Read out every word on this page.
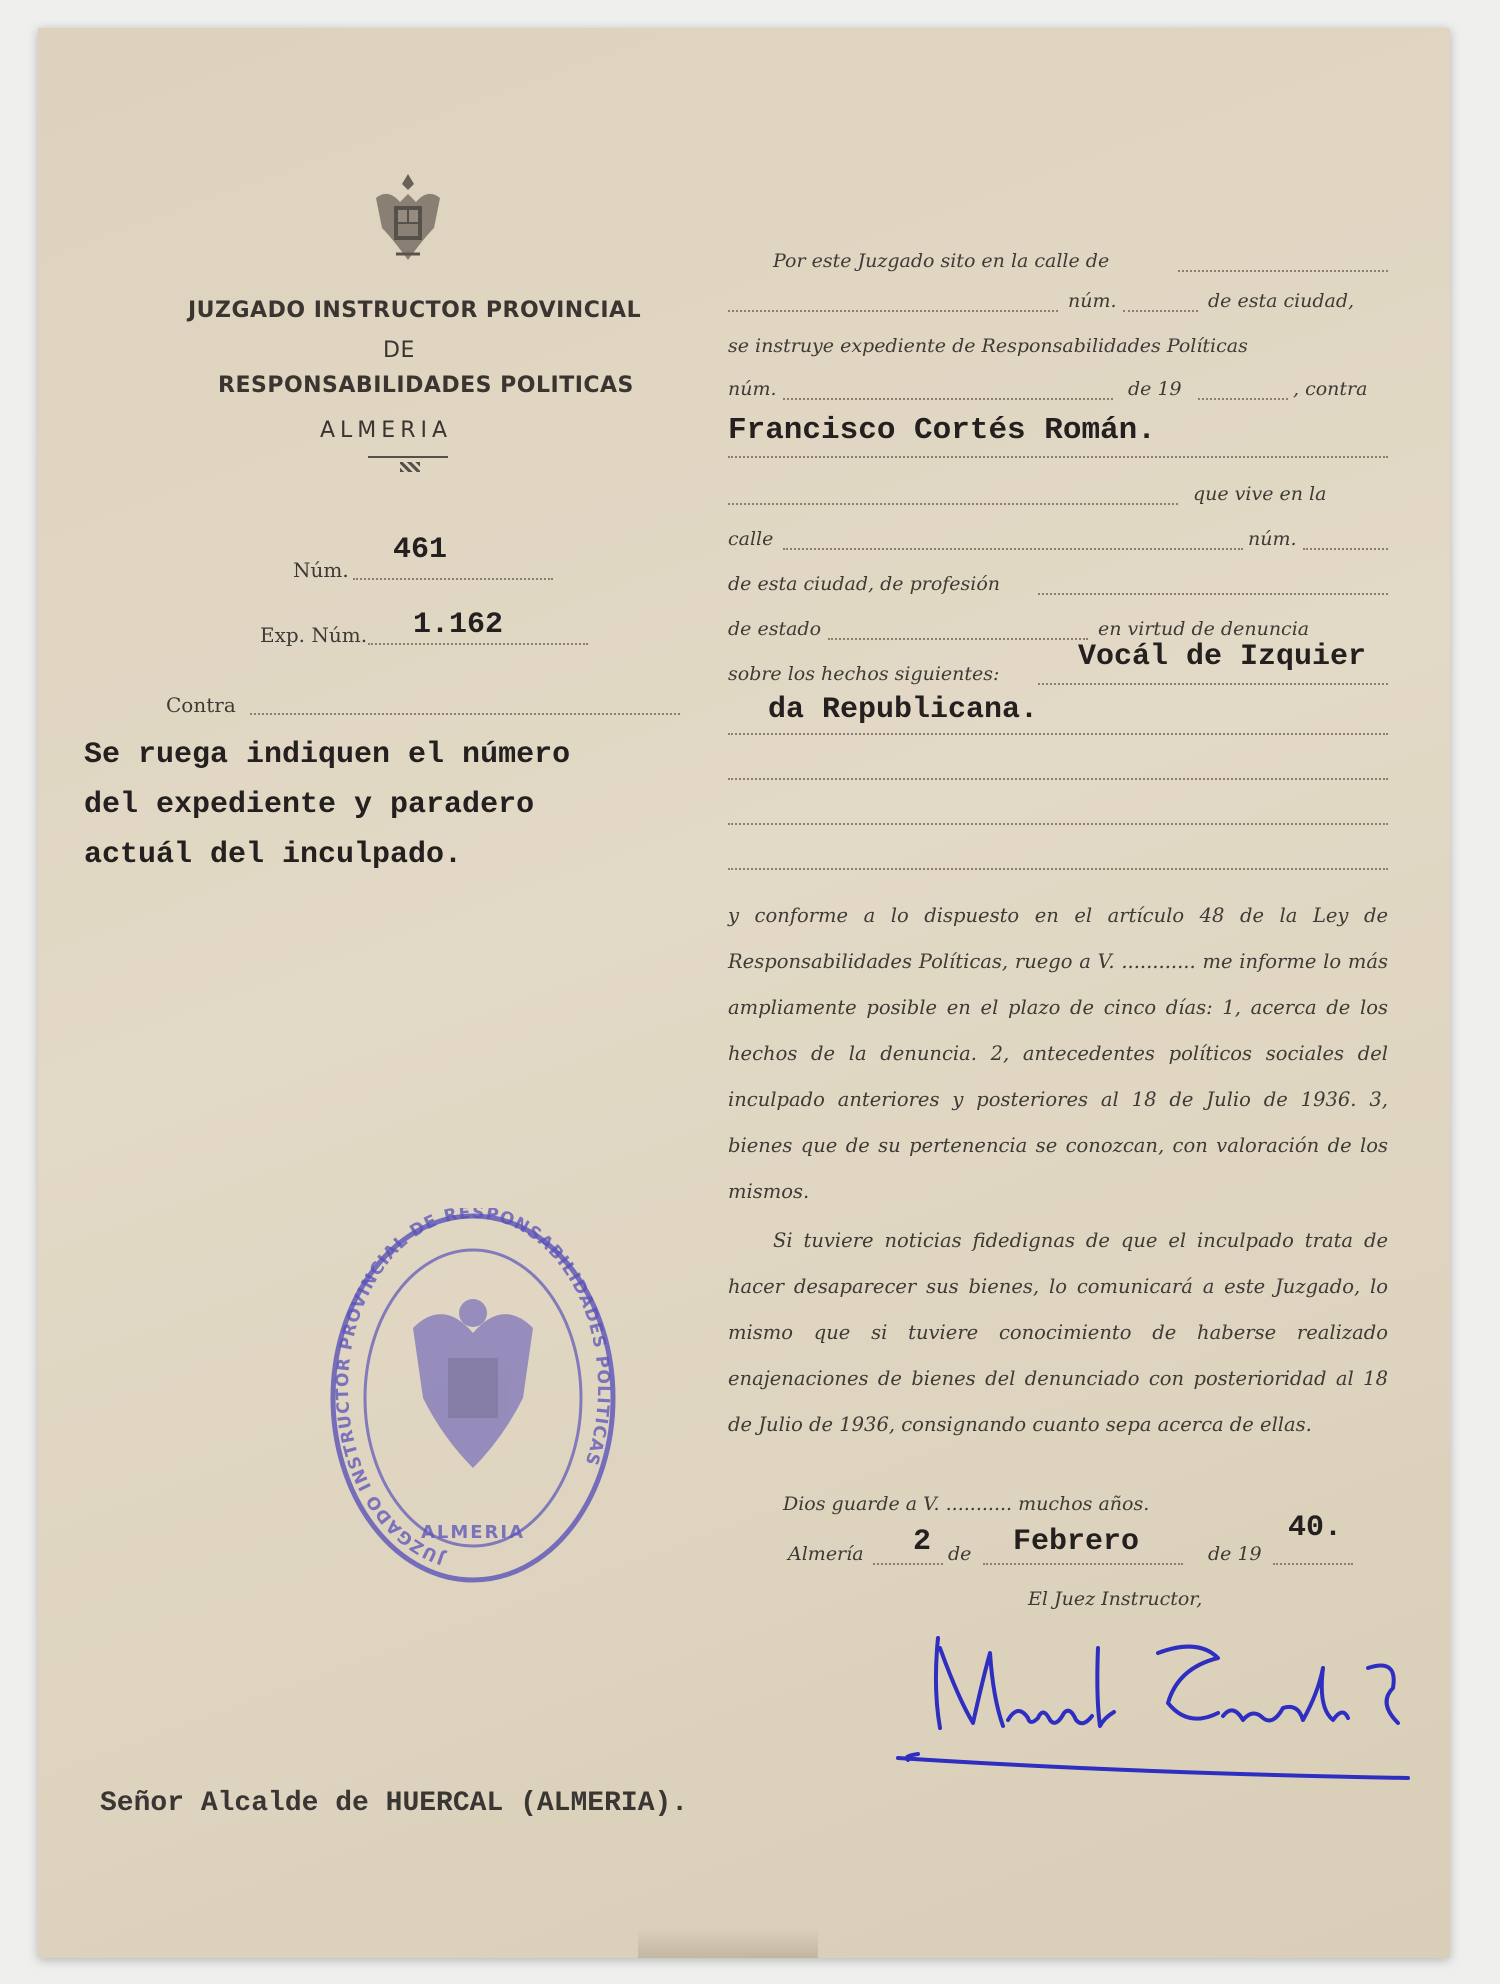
JUZGADO INSTRUCTOR PROVINCIAL
DE
RESPONSABILIDADES POLITICAS
ALMERIA
Núm.
461
Exp. Núm. 1.162
Contra
Se ruega indiquen el número
del expediente y paradero
actuál del inculpado.
Por este Juzgado sito en la calle de
núm.	de esta ciudad,
se instruye expediente de Responsabilidades Políticas
núm.	de 19	, contra
Francisco Cortés Román.
que vive en la
calle	núm.
de esta ciudad, de profesión
de estado	en virtud de denuncia
sobre los hechos siguientes:	Vocál de Izquier
da Republicana.
y conforme a lo dispuesto en el artículo 48 de la Ley de Responsabilidades Políticas, ruego a V. ............ me informe lo más ampliamente posible en el plazo de cinco días: 1, acerca de los hechos de la denuncia. 2, antecedentes políticos sociales del inculpado anteriores y posteriores al 18 de Julio de 1936. 3, bienes que de su pertenencia se conozcan, con valoración de los mismos.
Si tuviere noticias fidedignas de que el inculpado trata de hacer desaparecer sus bienes, lo comunicará a este Juzgado, lo mismo que si tuviere conocimiento de haberse realizado enajenaciones de bienes del denunciado con posterioridad al 18 de Julio de 1936, consignando cuanto sepa acerca de ellas.
Dios guarde a V. ........... muchos años.
Almería 2 de Febrero	de 19
40.
El Juez Instructor,
JUZGADO INSTRUCTOR PROVINCIAL DE RESPONSABILIDADES POLITICAS
ALMERIA
Señor Alcalde de HUERCAL (ALMERIA).
